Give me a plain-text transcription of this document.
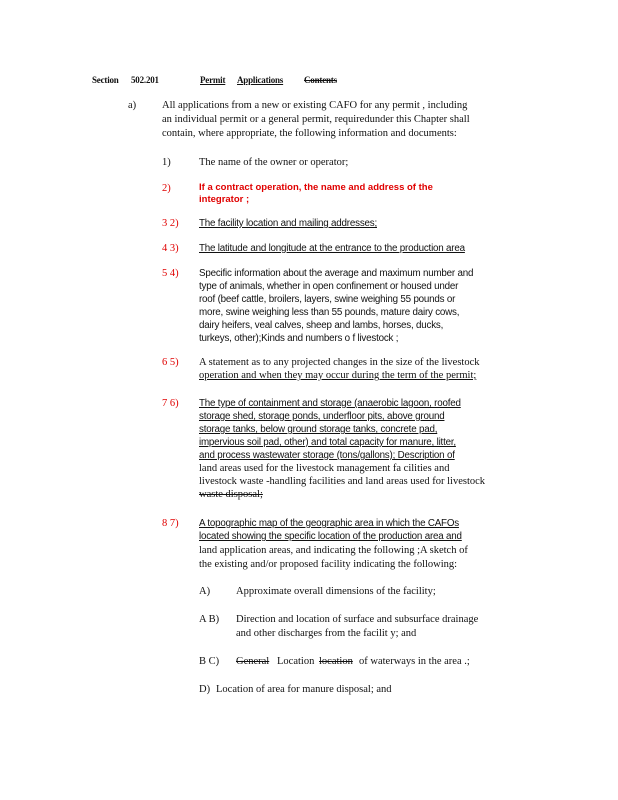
Section 502.201	Permit Applications Contents
a) All applications from a new or existing CAFO for any permit , including
an individual permit or a general permit, requiredunder this Chapter shall
contain, where appropriate, the following information and documents:
1)	The name of the owner or operator;
2)	If a contract operation, the name and address of the
integrator ;
3 2) The facility location and mailing addresses;
4 3) The latitude and longitude at the entrance to the production area
5 4) Specific information about the average and maximum number and
type of animals, whether in open confinement or housed under
roof (beef cattle, broilers, layers, swine weighing 55 pounds or
more, swine weighing less than 55 pounds, mature dairy cows,
dairy heifers, veal calves, sheep and lambs, horses, ducks,
turkeys, other);Kinds and numbers o f livestock ;
6 5) A statement as to any projected changes in the size of the livestock
operation and when they may occur during the term of the permit;
7 6) The type of containment and storage (anaerobic lagoon, roofed
storage shed, storage ponds, underfloor pits, above ground
storage tanks, below ground storage tanks, concrete pad,
impervious soil pad, other) and total capacity for manure, litter,
and process wastewater storage (tons/gallons); Description of
land areas used for the livestock management fa cilities and
livestock waste -handling facilities and land areas used for livestock
waste disposal;
8 7) A topographic map of the geographic area in which the CAFOs
located showing the specific location of the production area and
land application areas, and indicating the following ;A sketch of
the existing and/or proposed facility indicating the following:
A) Approximate overall dimensions of the facility;
A B) Direction and location of surface and subsurface drainage
and other discharges from the facilit y; and
B C) General Location location of waterways in the area .;
D) Location of area for manure disposal; and
